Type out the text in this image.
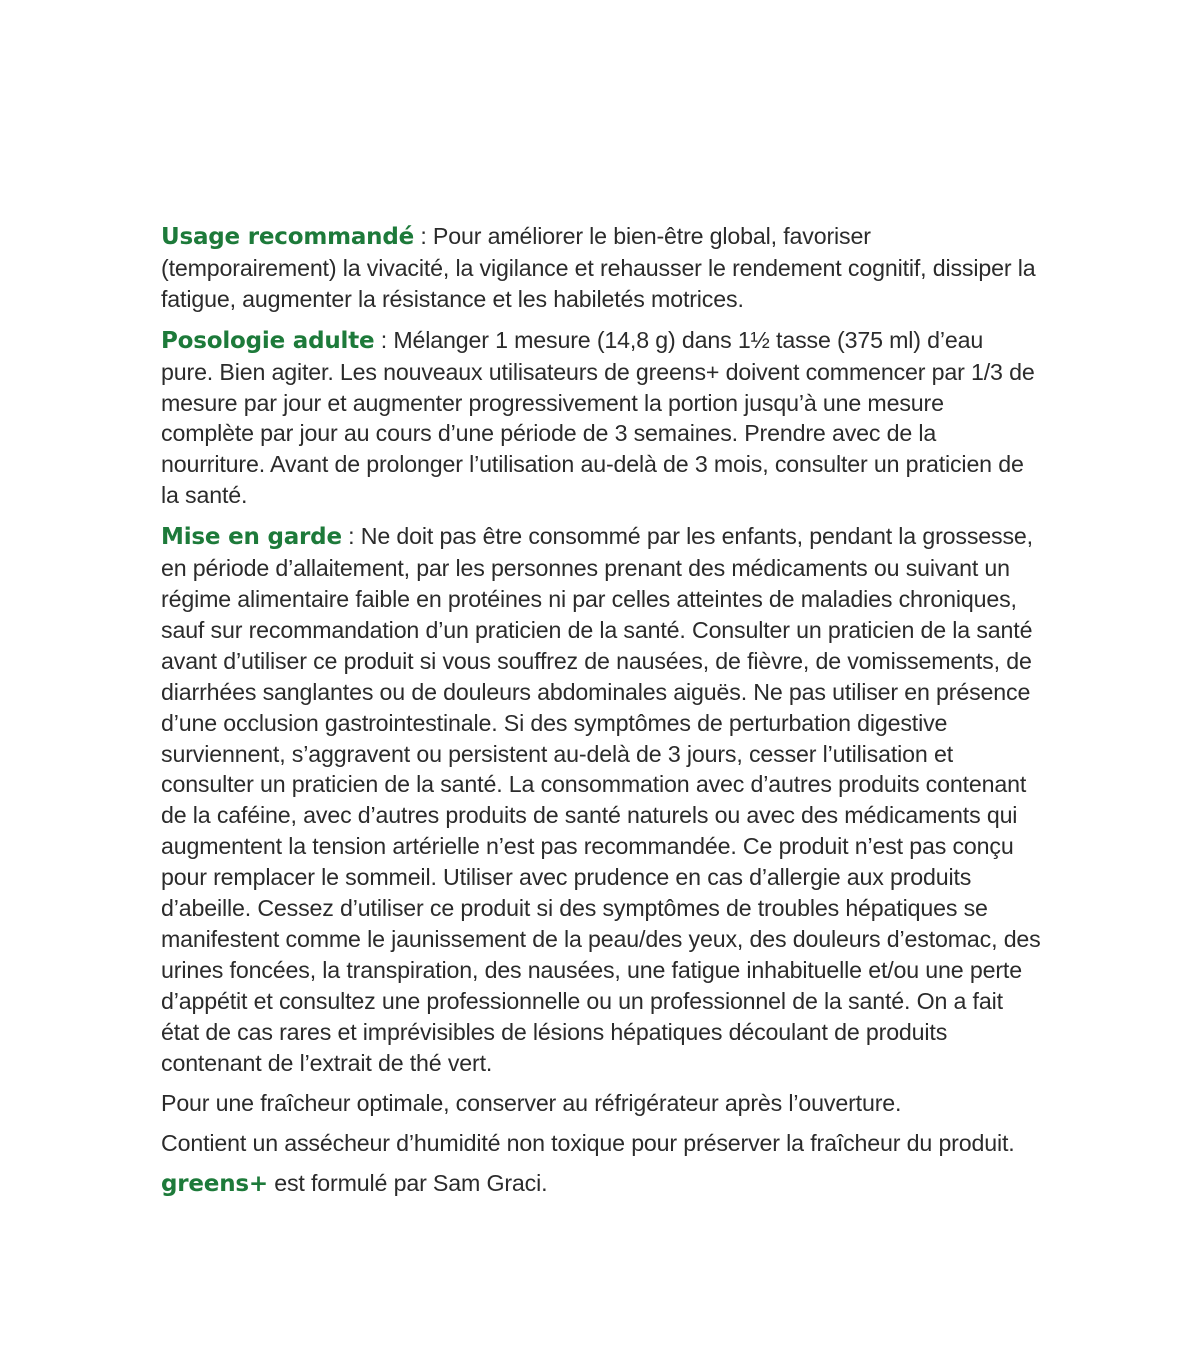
Usage recommandé : Pour améliorer le bien-être global, favoriser (temporairement) la vivacité, la vigilance et rehausser le rendement cognitif, dissiper la fatigue, augmenter la résistance et les habiletés motrices.

Posologie adulte : Mélanger 1 mesure (14,8 g) dans 1½ tasse (375 ml) d’eau pure. Bien agiter. Les nouveaux utilisateurs de greens+ doivent commencer par 1/3 de mesure par jour et augmenter progressivement la portion jusqu’à une mesure complète par jour au cours d’une période de 3 semaines. Prendre avec de la nourriture. Avant de prolonger l’utilisation au-delà de 3 mois, consulter un praticien de la santé.

Mise en garde : Ne doit pas être consommé par les enfants, pendant la grossesse, en période d’allaitement, par les personnes prenant des médicaments ou suivant un régime alimentaire faible en protéines ni par celles atteintes de maladies chroniques, sauf sur recommandation d’un praticien de la santé. Consulter un praticien de la santé avant d’utiliser ce produit si vous souffrez de nausées, de fièvre, de vomissements, de diarrhées sanglantes ou de douleurs abdominales aiguës. Ne pas utiliser en présence d’une occlusion gastrointestinale. Si des symptômes de perturbation digestive surviennent, s’aggravent ou persistent au-delà de 3 jours, cesser l’utilisation et consulter un praticien de la santé. La consommation avec d’autres produits contenant de la caféine, avec d’autres produits de santé naturels ou avec des médicaments qui augmentent la tension artérielle n’est pas recommandée. Ce produit n’est pas conçu pour remplacer le sommeil. Utiliser avec prudence en cas d’allergie aux produits d’abeille. Cessez d’utiliser ce produit si des symptômes de troubles hépatiques se manifestent comme le jaunissement de la peau/des yeux, des douleurs d’estomac, des urines foncées, la transpiration, des nausées, une fatigue inhabituelle et/ou une perte d’appétit et consultez une professionnelle ou un professionnel de la santé. On a fait état de cas rares et imprévisibles de lésions hépatiques découlant de produits contenant de l’extrait de thé vert.

Pour une fraîcheur optimale, conserver au réfrigérateur après l’ouverture.

Contient un assécheur d’humidité non toxique pour préserver la fraîcheur du produit.

greens+ est formulé par Sam Graci.
